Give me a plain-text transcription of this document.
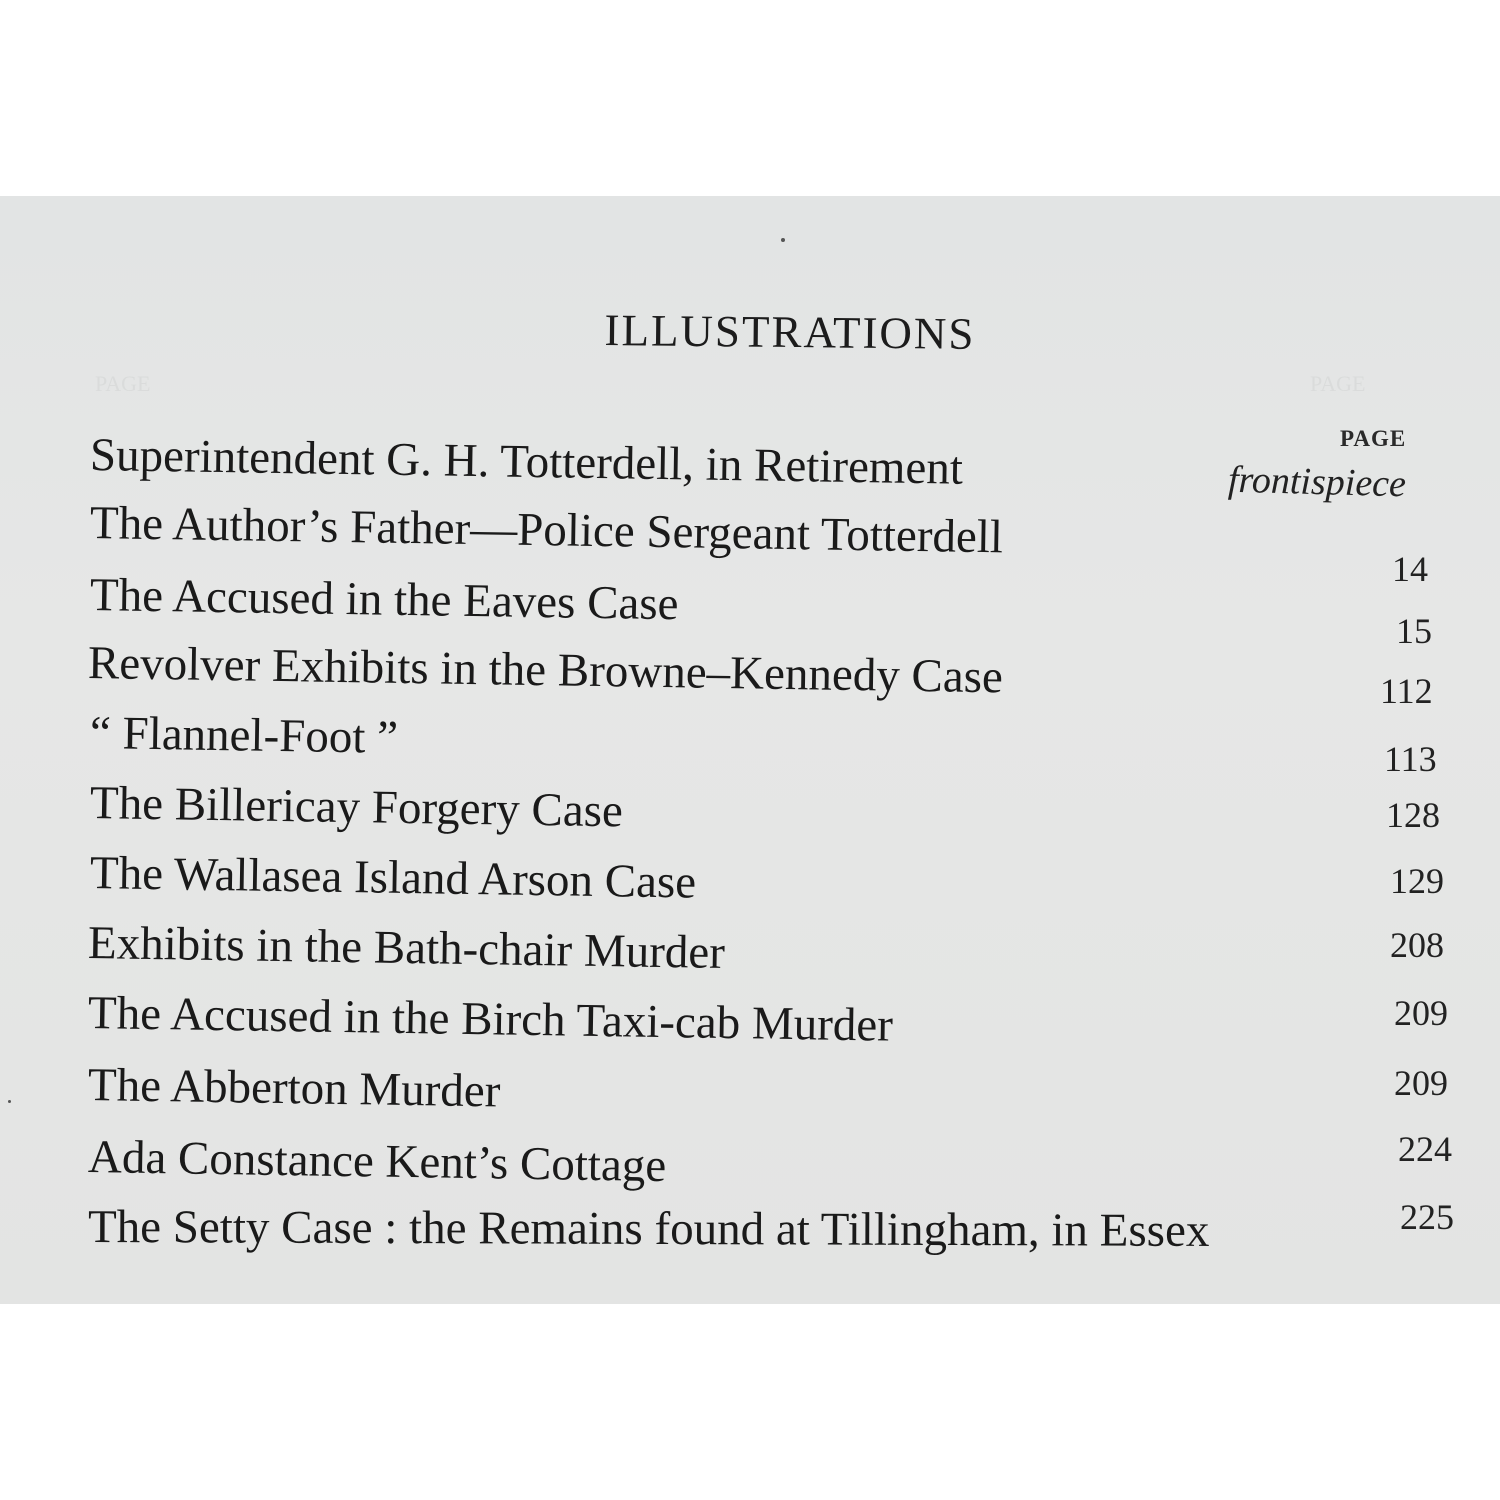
PAGE	PAGE
ILLUSTRATIONS
PAGE
Superintendent G. H. Totterdell, in Retirement	frontispiece
The Author’s Father—Police Sergeant Totterdell
The Accused in the Eaves Case
14
Revolver Exhibits in the Browne–Kennedy Case
15
“ Flannel-Foot ”
112
The Billericay Forgery Case
113
The Wallasea Island Arson Case
128
Exhibits in the Bath-chair Murder
129
The Accused in the Birch Taxi-cab Murder
208
The Abberton Murder
209
Ada Constance Kent’s Cottage
209
The Setty Case : the Remains found at Tillingham, in Essex
224
225
